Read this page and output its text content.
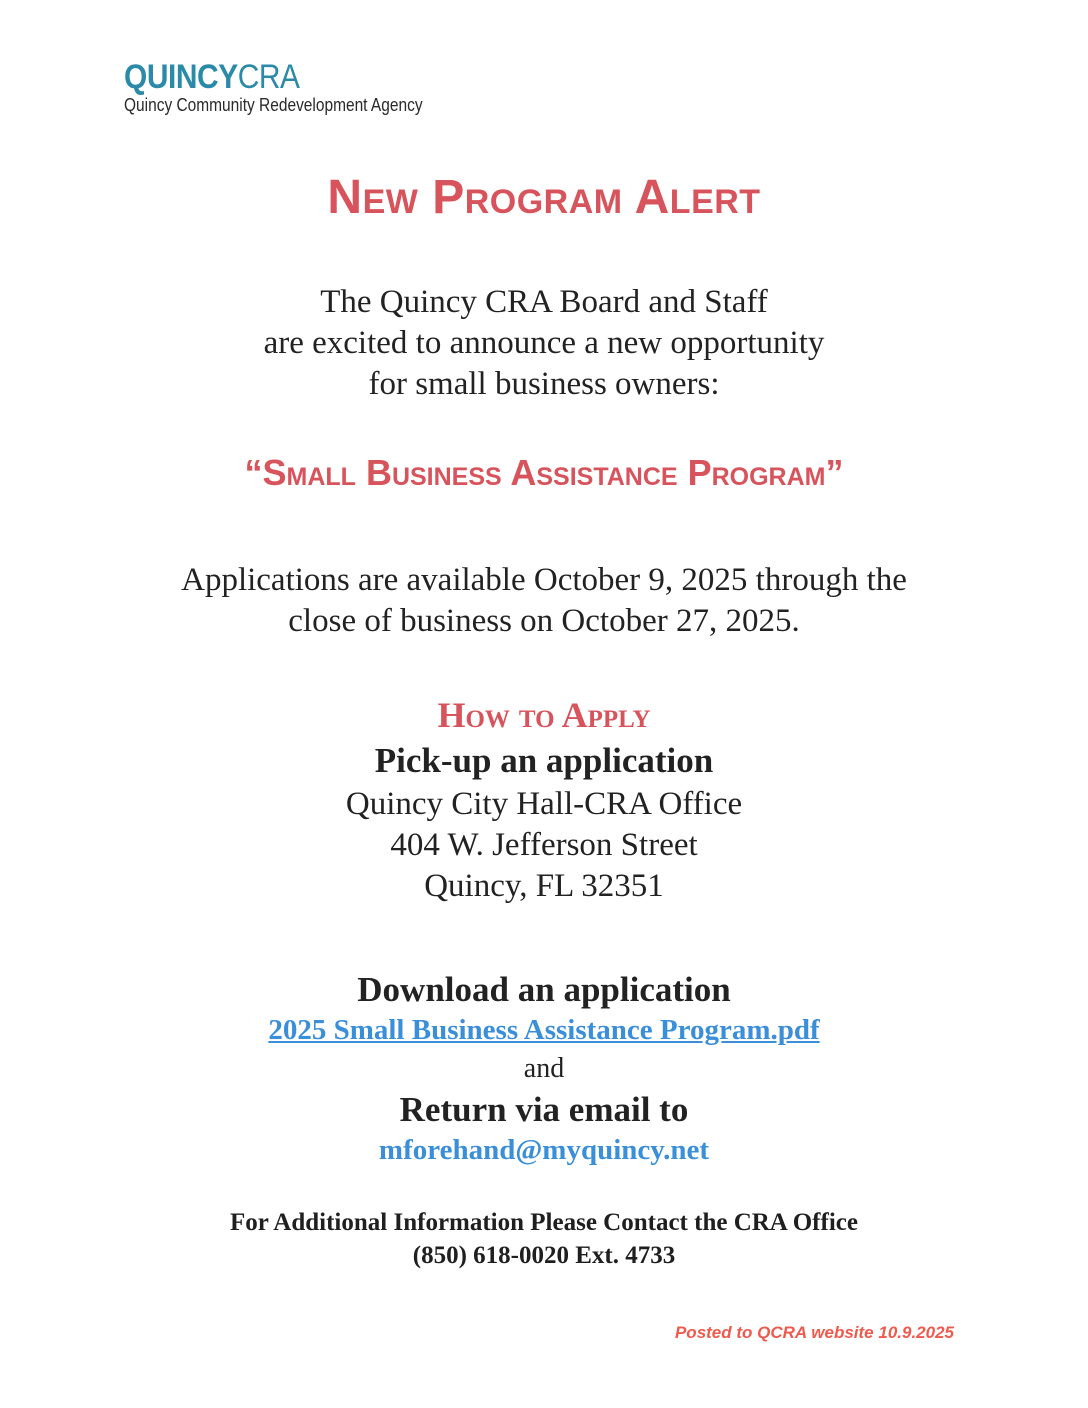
QUINCYCRA
Quincy Community Redevelopment Agency
New Program Alert
The Quincy CRA Board and Staff
are excited to announce a new opportunity
for small business owners:
“Small Business Assistance Program”
Applications are available October 9, 2025 through the
close of business on October 27, 2025.
How to Apply
Pick-up an application
Quincy City Hall-CRA Office
404 W. Jefferson Street
Quincy, FL 32351
Download an application
2025 Small Business Assistance Program.pdf
and
Return via email to
mforehand@myquincy.net
For Additional Information Please Contact the CRA Office
(850) 618-0020 Ext. 4733
Posted to QCRA website 10.9.2025
